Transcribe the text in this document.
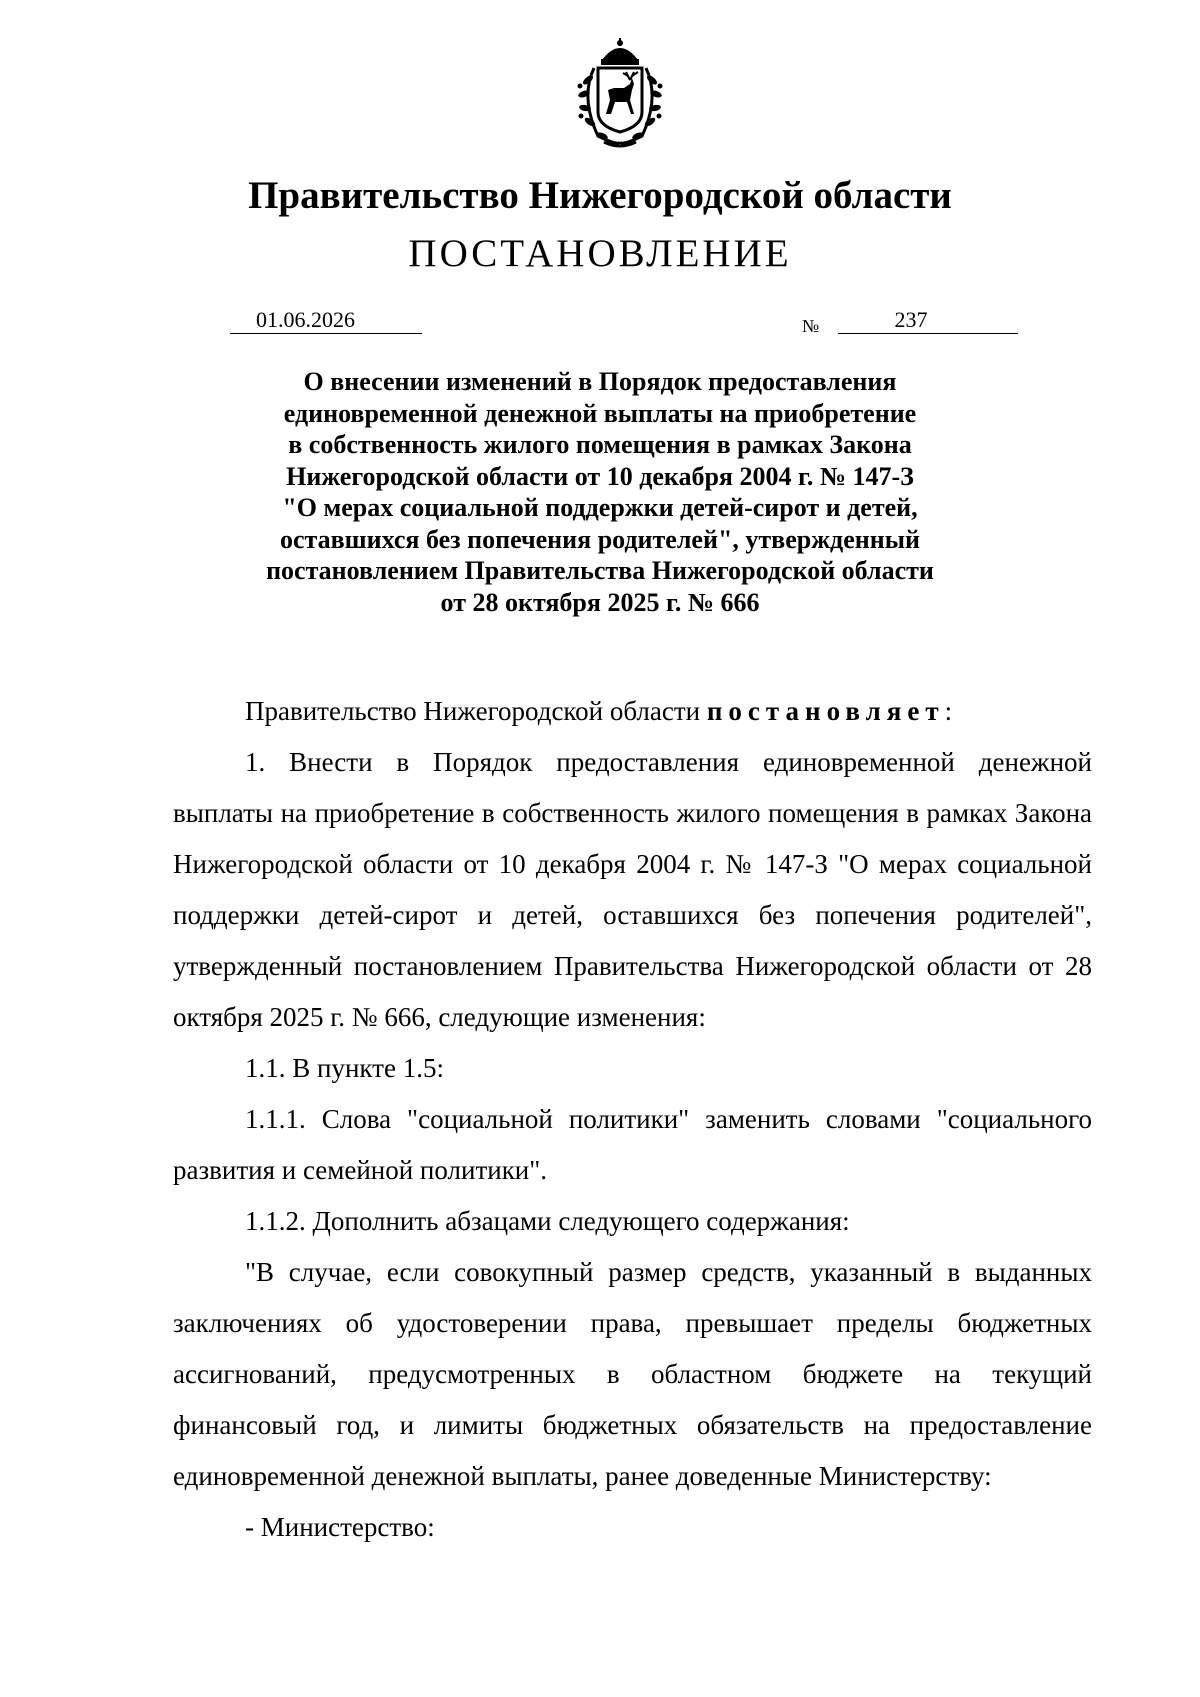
Правительство Нижегородской области
ПОСТАНОВЛЕНИЕ
01.06.2026	№	237
О внесении изменений в Порядок предоставления
единовременной денежной выплаты на приобретение
в собственность жилого помещения в рамках Закона
Нижегородской области от 10 декабря 2004 г. № 147-З
"О мерах социальной поддержки детей-сирот и детей,
оставшихся без попечения родителей", утвержденный
постановлением Правительства Нижегородской области
от 28 октября 2025 г. № 666

Правительство Нижегородской области постановляет:

1. Внести в Порядок предоставления единовременной денежной выплаты на приобретение в собственность жилого помещения в рамках Закона Нижегородской области от 10 декабря 2004 г. № 147-З "О мерах социальной поддержки детей-сирот и детей, оставшихся без попечения родителей", утвержденный постановлением Правительства Нижегородской области от 28 октября 2025 г. № 666, следующие изменения:

1.1. В пункте 1.5:

1.1.1. Слова "социальной политики" заменить словами "социального развития и семейной политики".

1.1.2. Дополнить абзацами следующего содержания:

"В случае, если совокупный размер средств, указанный в выданных заключениях об удостоверении права, превышает пределы бюджетных ассигнований, предусмотренных в областном бюджете на текущий финансовый год, и лимиты бюджетных обязательств на предоставление единовременной денежной выплаты, ранее доведенные Министерству:

- Министерство:
